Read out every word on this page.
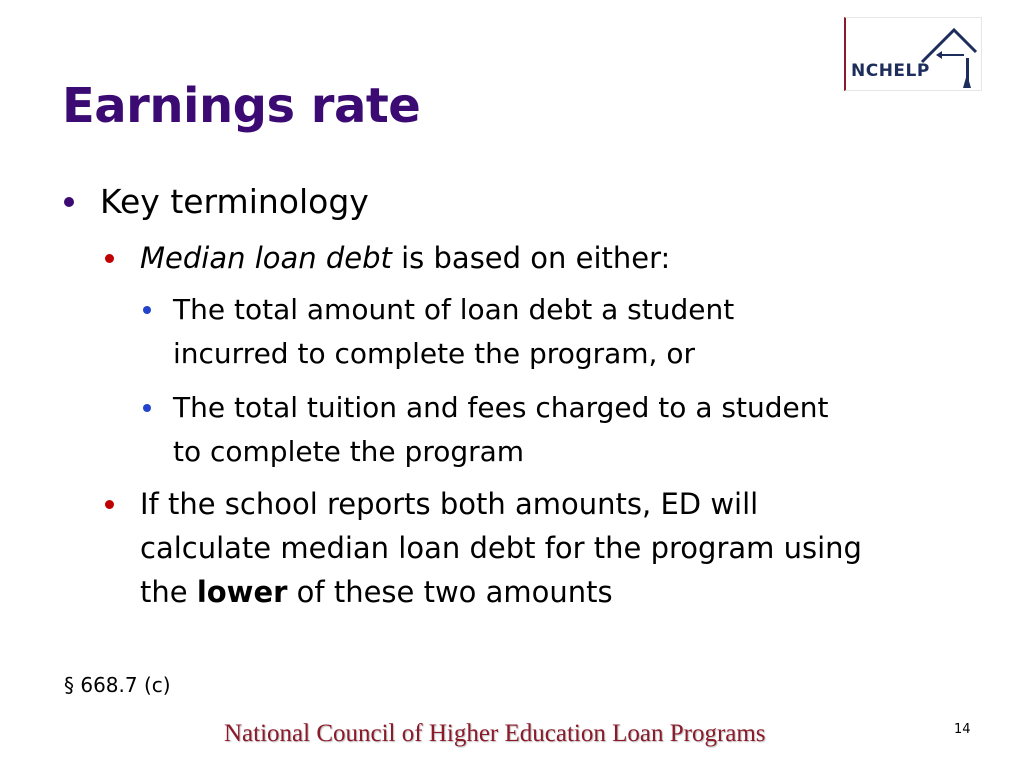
Earnings rate
NCHELP
Key terminology
Median loan debt is based on either:
The total amount of loan debt a student
incurred to complete the program, or
The total tuition and fees charged to a student
to complete the program
If the school reports both amounts, ED will
calculate median loan debt for the program using
the lower of these two amounts
§ 668.7 (c)
National Council of Higher Education Loan Programs	14
